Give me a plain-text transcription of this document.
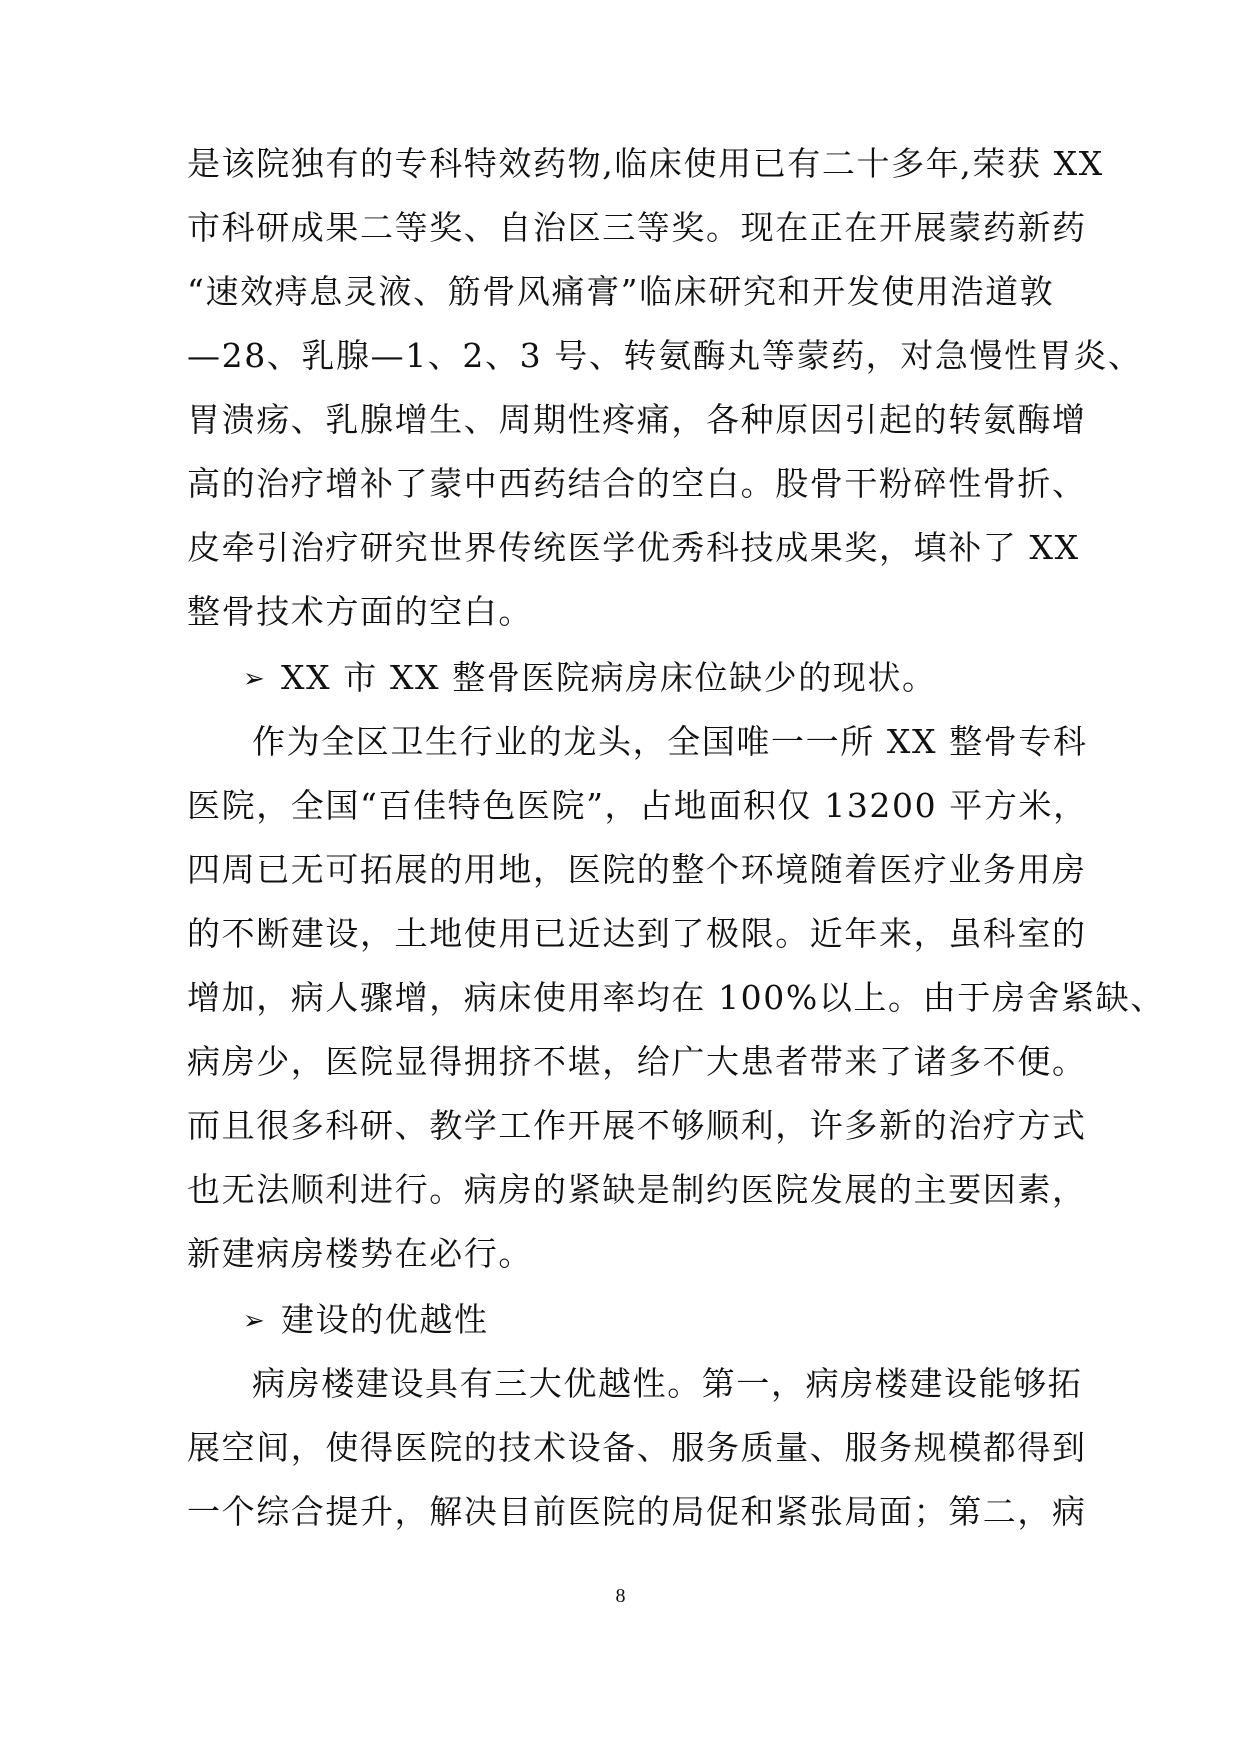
是该院独有的专科特效药物,临床使用已有二十多年,荣获 XX
市科研成果二等奖、自治区三等奖。现在正在开展蒙药新药
“速效痔息灵液、筋骨风痛膏”临床研究和开发使用浩道敦
—28、乳腺—1、2、3 号、转氨酶丸等蒙药，对急慢性胃炎、
胃溃疡、乳腺增生、周期性疼痛，各种原因引起的转氨酶增
高的治疗增补了蒙中西药结合的空白。股骨干粉碎性骨折、
皮牵引治疗研究世界传统医学优秀科技成果奖，填补了 XX
整骨技术方面的空白。
➢ XX 市 XX 整骨医院病房床位缺少的现状。
作为全区卫生行业的龙头，全国唯一一所 XX 整骨专科
医院，全国“百佳特色医院”，占地面积仅 13200 平方米，
四周已无可拓展的用地，医院的整个环境随着医疗业务用房
的不断建设，土地使用已近达到了极限。近年来，虽科室的
增加，病人骤增，病床使用率均在 100%以上。由于房舍紧缺、
病房少，医院显得拥挤不堪，给广大患者带来了诸多不便。
而且很多科研、教学工作开展不够顺利，许多新的治疗方式
也无法顺利进行。病房的紧缺是制约医院发展的主要因素，
新建病房楼势在必行。
➢ 建设的优越性
病房楼建设具有三大优越性。第一，病房楼建设能够拓
展空间，使得医院的技术设备、服务质量、服务规模都得到
一个综合提升，解决目前医院的局促和紧张局面；第二，病
8
